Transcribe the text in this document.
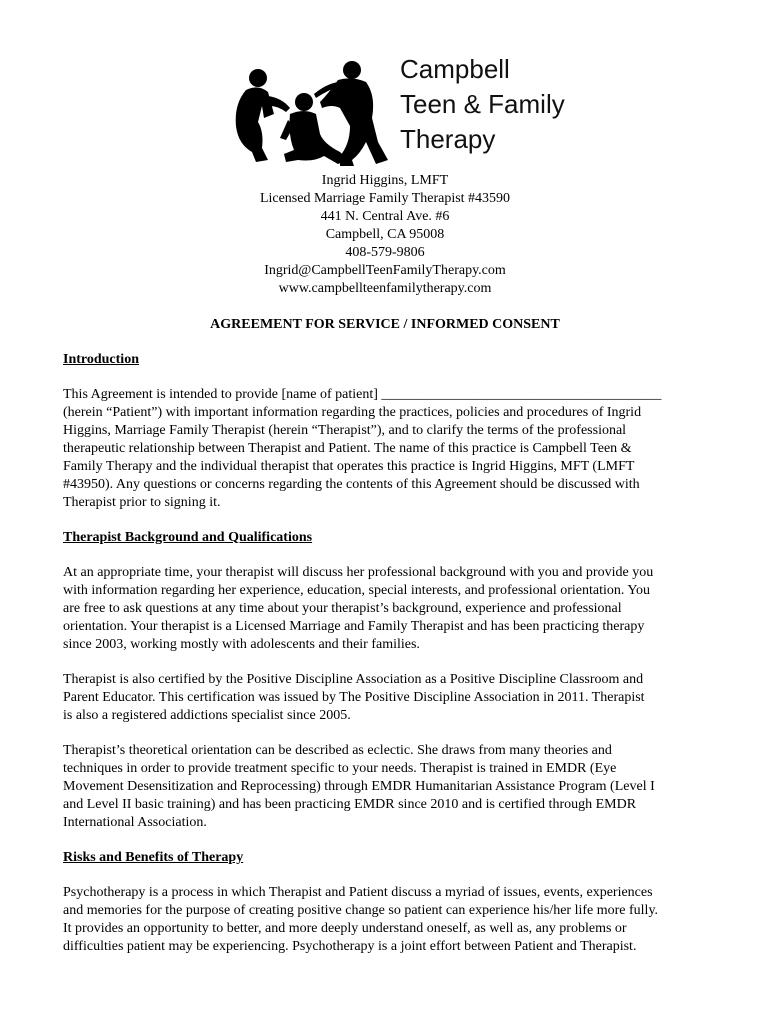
Campbell
Teen & Family
Therapy
Ingrid Higgins, LMFT
Licensed Marriage Family Therapist #43590
441 N. Central Ave. #6
Campbell, CA 95008
408-579-9806
Ingrid@CampbellTeenFamilyTherapy.com
www.campbellteenfamilytherapy.com
AGREEMENT FOR SERVICE / INFORMED CONSENT
Introduction
This Agreement is intended to provide [name of patient] ________________________________________
(herein “Patient”) with important information regarding the practices, policies and procedures of Ingrid
Higgins, Marriage Family Therapist (herein “Therapist”), and to clarify the terms of the professional
therapeutic relationship between Therapist and Patient. The name of this practice is Campbell Teen &
Family Therapy and the individual therapist that operates this practice is Ingrid Higgins, MFT (LMFT
#43950). Any questions or concerns regarding the contents of this Agreement should be discussed with
Therapist prior to signing it.
Therapist Background and Qualifications
At an appropriate time, your therapist will discuss her professional background with you and provide you
with information regarding her experience, education, special interests, and professional orientation. You
are free to ask questions at any time about your therapist’s background, experience and professional
orientation. Your therapist is a Licensed Marriage and Family Therapist and has been practicing therapy
since 2003, working mostly with adolescents and their families.
Therapist is also certified by the Positive Discipline Association as a Positive Discipline Classroom and
Parent Educator. This certification was issued by The Positive Discipline Association in 2011. Therapist
is also a registered addictions specialist since 2005.
Therapist’s theoretical orientation can be described as eclectic. She draws from many theories and
techniques in order to provide treatment specific to your needs. Therapist is trained in EMDR (Eye
Movement Desensitization and Reprocessing) through EMDR Humanitarian Assistance Program (Level I
and Level II basic training) and has been practicing EMDR since 2010 and is certified through EMDR
International Association.
Risks and Benefits of Therapy
Psychotherapy is a process in which Therapist and Patient discuss a myriad of issues, events, experiences
and memories for the purpose of creating positive change so patient can experience his/her life more fully.
It provides an opportunity to better, and more deeply understand oneself, as well as, any problems or
difficulties patient may be experiencing. Psychotherapy is a joint effort between Patient and Therapist.
